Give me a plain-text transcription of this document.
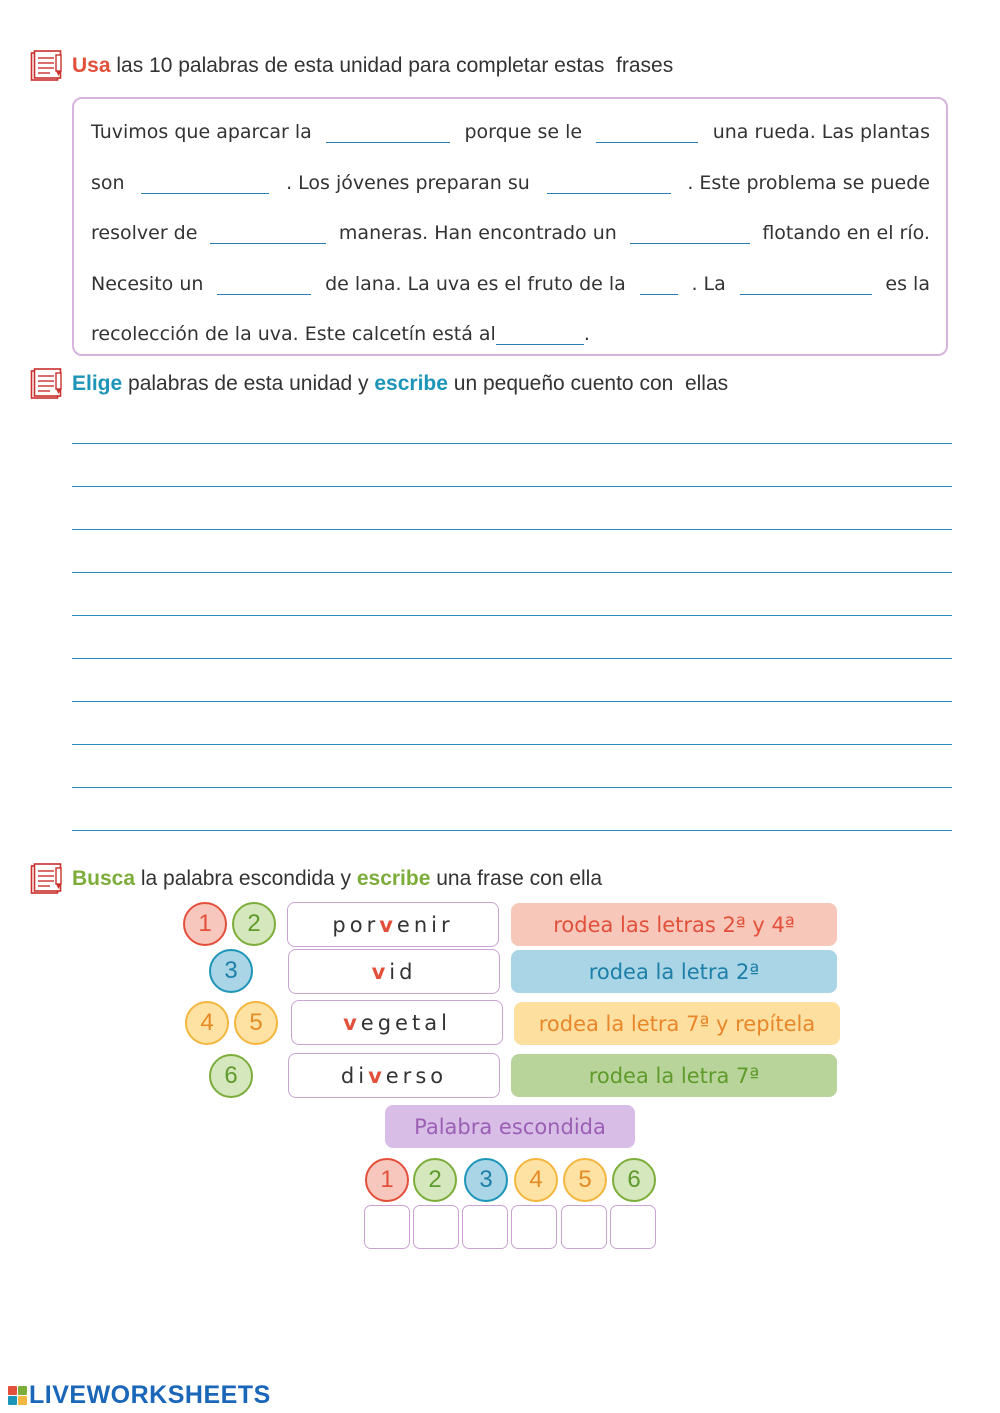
Usa las 10 palabras de esta unidad para completar estas  frases
Tuvimos que aparcar la	porque se le	una rueda. Las plantas
son	. Los jóvenes preparan su	. Este problema se puede
resolver de	maneras. Han encontrado un	flotando en el río.
Necesito un	de lana. La uva es el fruto de la	. La	es la
recolección de la uva. Este calcetín está al	.
Elige palabras de esta unidad y escribe un pequeño cuento con  ellas
Busca la palabra escondida y escribe una frase con ella
1	2	por v enir	rodea las letras 2ª y 4ª
3	v id	rodea la letra 2ª
4	5	v egetal	rodea la letra 7ª y repítela
6	di v erso	rodea la letra 7ª
Palabra escondida
1	2	3	4	5	6
LIVEWORKSHEETS
